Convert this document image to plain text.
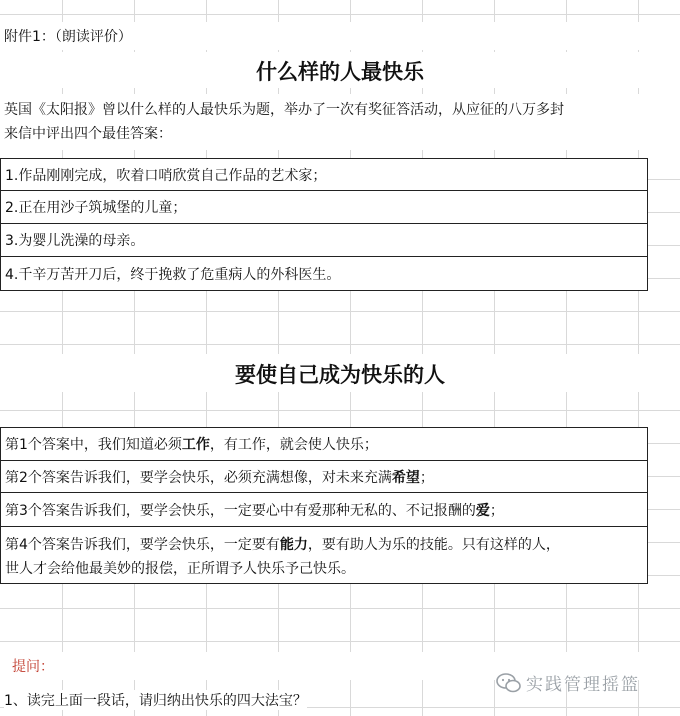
附件1：（朗读评价）
什么样的人最快乐
英国《太阳报》曾以什么样的人最快乐为题，举办了一次有奖征答活动，从应征的八万多封
来信中评出四个最佳答案：
1.作品刚刚完成，吹着口哨欣赏自己作品的艺术家；
2.正在用沙子筑城堡的儿童；
3.为婴儿洗澡的母亲。
4.千辛万苦开刀后，终于挽救了危重病人的外科医生。
要使自己成为快乐的人
第1个答案中，我们知道必须工作，有工作，就会使人快乐；
第2个答案告诉我们，要学会快乐，必须充满想像，对未来充满希望；
第3个答案告诉我们，要学会快乐，一定要心中有爱那种无私的、不记报酬的爱；
第4个答案告诉我们，要学会快乐，一定要有能力，要有助人为乐的技能。只有这样的人，
世人才会给他最美妙的报偿，正所谓予人快乐予己快乐。
提问：
实践管理摇篮
1、读完上面一段话，请归纳出快乐的四大法宝？
